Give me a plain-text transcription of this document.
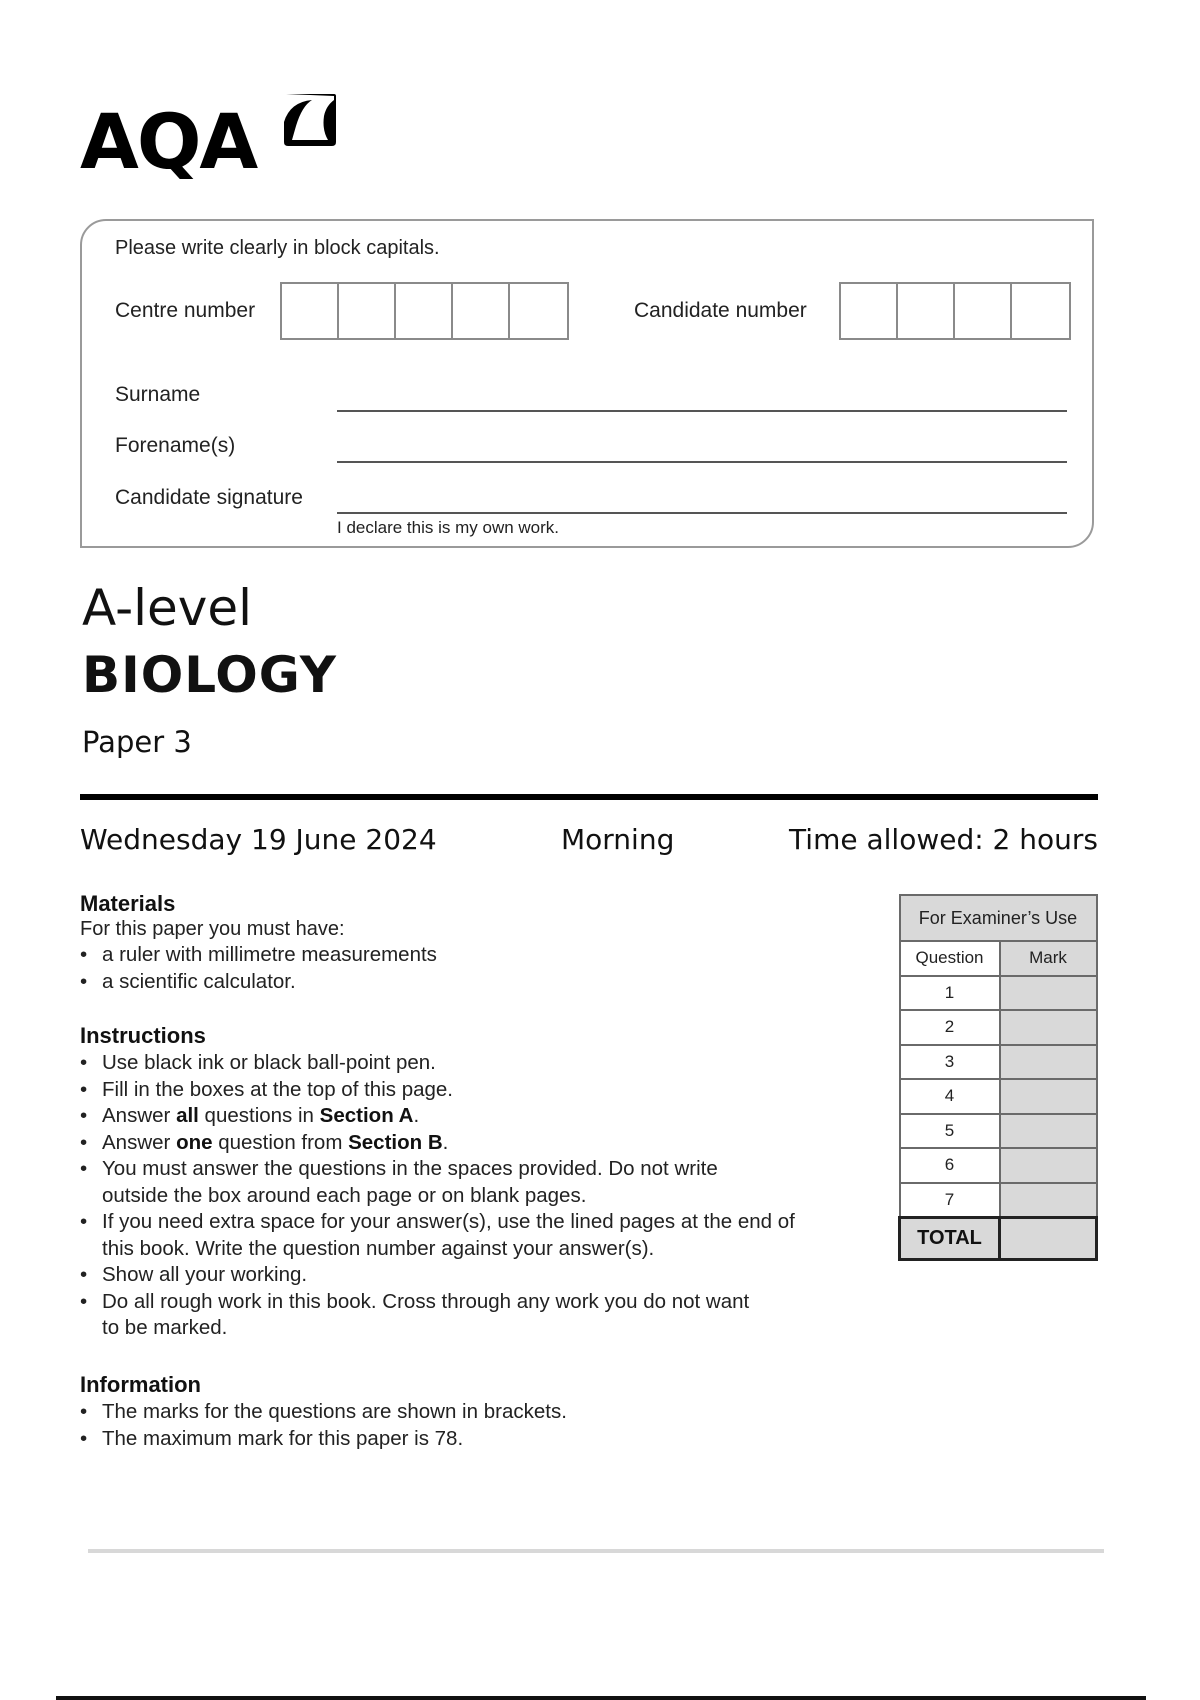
AQA
Please write clearly in block capitals.
Centre number	Candidate number
Surname
Forename(s)
Candidate signature
I declare this is my own work.
A-level
BIOLOGY
Paper 3
Wednesday 19 June 2024	Morning	Time allowed: 2 hours
Materials
For this paper you must have:
• a ruler with millimetre measurements
• a scientific calculator.
Instructions
• Use black ink or black ball-point pen.
• Fill in the boxes at the top of this page.
• Answer all questions in Section A.
• Answer one question from Section B.
• You must answer the questions in the spaces provided. Do not write
outside the box around each page or on blank pages.
• If you need extra space for your answer(s), use the lined pages at the end of
this book. Write the question number against your answer(s).
• Show all your working.
• Do all rough work in this book. Cross through any work you do not want
to be marked.
Information
• The marks for the questions are shown in brackets.
• The maximum mark for this paper is 78.
For Examiner’s Use	
Question	Mark
1	
2	
3	
4	
5	
6	
7	
TOTAL	
